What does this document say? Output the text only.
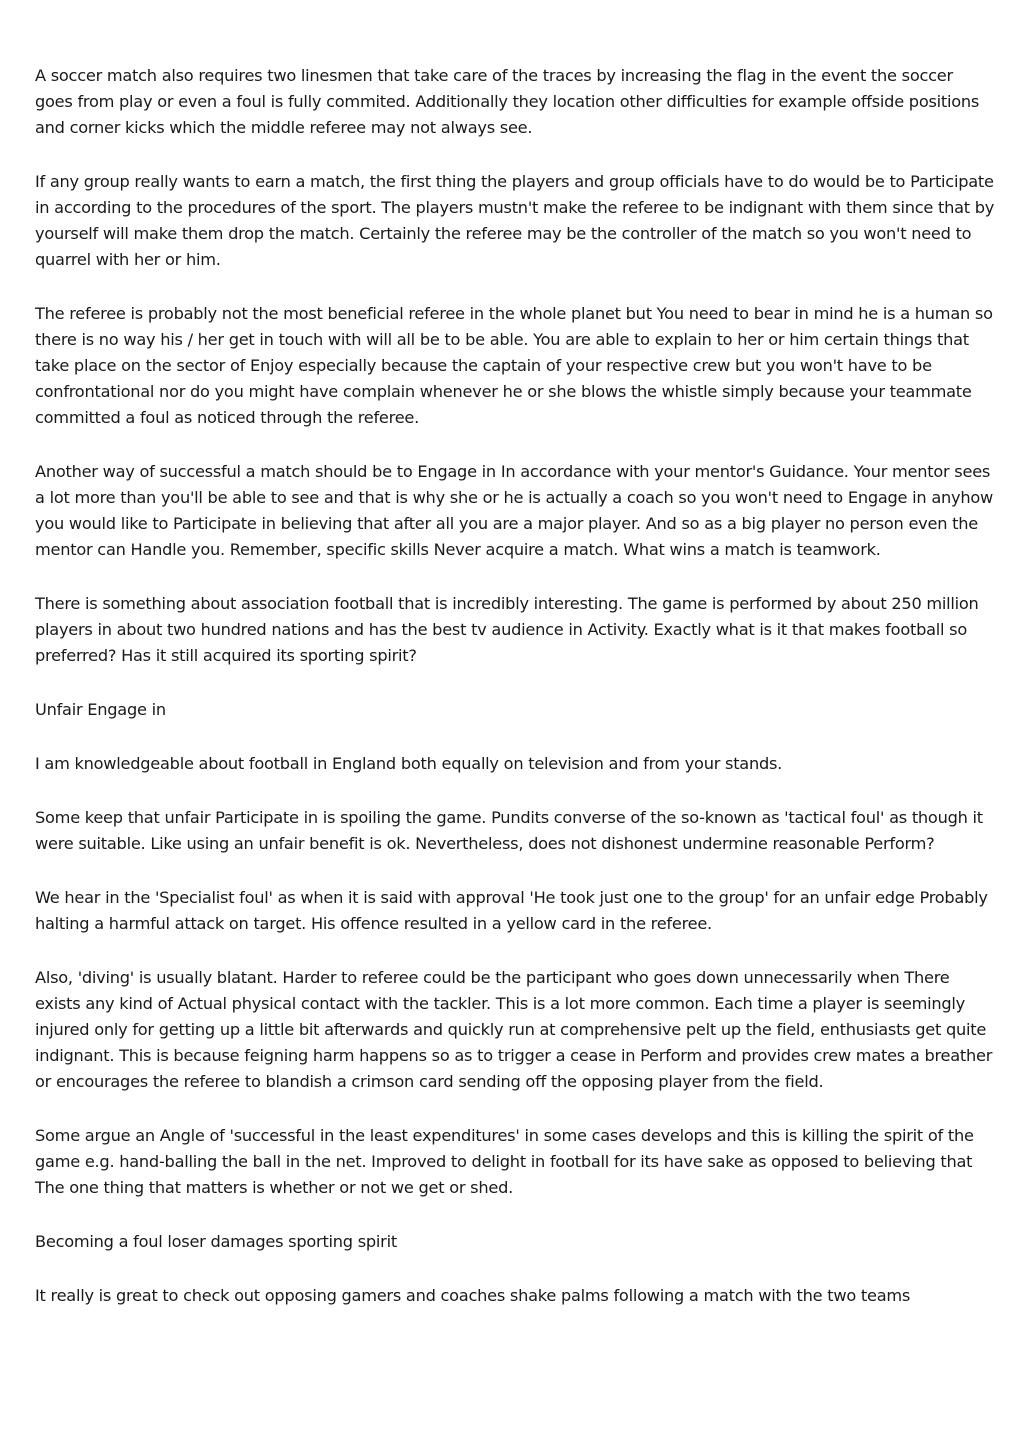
A soccer match also requires two linesmen that take care of the traces by increasing the flag in the event the soccer goes from play or even a foul is fully commited. Additionally they location other difficulties for example offside positions and corner kicks which the middle referee may not always see.

If any group really wants to earn a match, the first thing the players and group officials have to do would be to Participate in according to the procedures of the sport. The players mustn't make the referee to be indignant with them since that by yourself will make them drop the match. Certainly the referee may be the controller of the match so you won't need to quarrel with her or him.

The referee is probably not the most beneficial referee in the whole planet but You need to bear in mind he is a human so there is no way his / her get in touch with will all be to be able. You are able to explain to her or him certain things that take place on the sector of Enjoy especially because the captain of your respective crew but you won't have to be confrontational nor do you might have complain whenever he or she blows the whistle simply because your teammate committed a foul as noticed through the referee.

Another way of successful a match should be to Engage in In accordance with your mentor's Guidance. Your mentor sees a lot more than you'll be able to see and that is why she or he is actually a coach so you won't need to Engage in anyhow you would like to Participate in believing that after all you are a major player. And so as a big player no person even the mentor can Handle you. Remember, specific skills Never acquire a match. What wins a match is teamwork.

There is something about association football that is incredibly interesting. The game is performed by about 250 million players in about two hundred nations and has the best tv audience in Activity. Exactly what is it that makes football so preferred? Has it still acquired its sporting spirit?

Unfair Engage in

I am knowledgeable about football in England both equally on television and from your stands.

Some keep that unfair Participate in is spoiling the game. Pundits converse of the so-known as 'tactical foul' as though it were suitable. Like using an unfair benefit is ok. Nevertheless, does not dishonest undermine reasonable Perform?

We hear in the 'Specialist foul' as when it is said with approval 'He took just one to the group' for an unfair edge Probably halting a harmful attack on target. His offence resulted in a yellow card in the referee.

Also, 'diving' is usually blatant. Harder to referee could be the participant who goes down unnecessarily when There exists any kind of Actual physical contact with the tackler. This is a lot more common. Each time a player is seemingly injured only for getting up a little bit afterwards and quickly run at comprehensive pelt up the field, enthusiasts get quite indignant. This is because feigning harm happens so as to trigger a cease in Perform and provides crew mates a breather or encourages the referee to blandish a crimson card sending off the opposing player from the field.

Some argue an Angle of 'successful in the least expenditures' in some cases develops and this is killing the spirit of the game e.g. hand-balling the ball in the net. Improved to delight in football for its have sake as opposed to believing that The one thing that matters is whether or not we get or shed.

Becoming a foul loser damages sporting spirit

It really is great to check out opposing gamers and coaches shake palms following a match with the two teams
